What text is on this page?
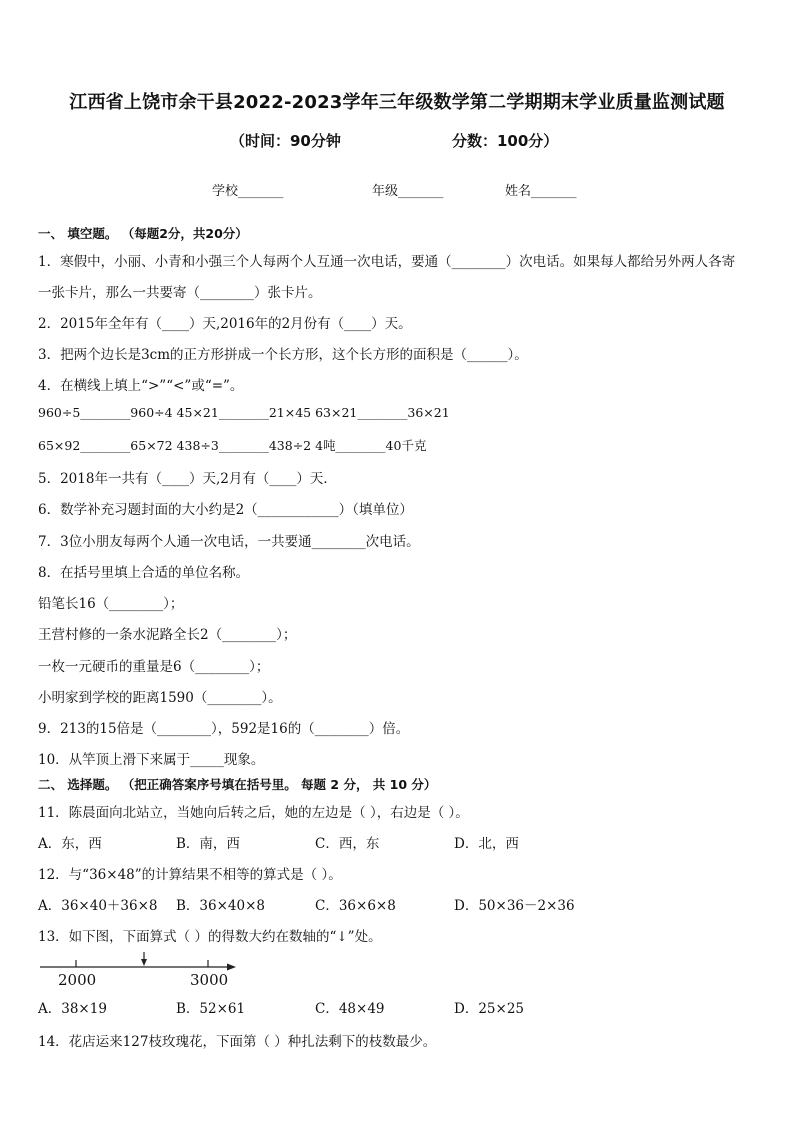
江西省上饶市余干县2022-2023学年三年级数学第二学期期末学业质量监测试题
（时间：90分钟	分数：100分）
学校_______	年级_______	姓名_______
一、 填空题。 （每题2分，共20分）
1．寒假中，小丽、小青和小强三个人每两个人互通一次电话，要通（________）次电话。如果每人都给另外两人各寄
一张卡片，那么一共要寄（________）张卡片。
2．2015年全年有（____）天,2016年的2月份有（____）天。
3．把两个边长是3cm的正方形拼成一个长方形，这个长方形的面积是（______）。
4．在横线上填上“>”“<”或“=”。
960÷5________960÷4 45×21________21×45 63×21________36×21
65×92________65×72 438÷3________438÷2 4吨________40千克
5．2018年一共有（____）天,2月有（____）天．
6．数学补充习题封面的大小约是2（____________）（填单位）
7．3位小朋友每两个人通一次电话，一共要通________次电话。
8．在括号里填上合适的单位名称。
铅笔长16（________）；
王营村修的一条水泥路全长2（________）；
一枚一元硬币的重量是6（________）；
小明家到学校的距离1590（________）。
9．213的15倍是（________），592是16的（________）倍。
10．从竿顶上滑下来属于_____现象。
二、 选择题。 （把正确答案序号填在括号里。 每题 2 分， 共 10 分）
11．陈晨面向北站立，当她向后转之后，她的左边是（ ），右边是（ ）。
A．东，西	B．南，西	C．西，东	D．北，西
12．与“36×48”的计算结果不相等的算式是（ ）。
A．36×40＋36×8 B．36×40×8	C．36×6×8	D．50×36－2×36
13．如下图，下面算式（ ）的得数大约在数轴的“↓”处。
2000	3000
A．38×19	B．52×61	C．48×49	D．25×25
14．花店运来127枝玫瑰花，下面第（ ）种扎法剩下的枝数最少。
